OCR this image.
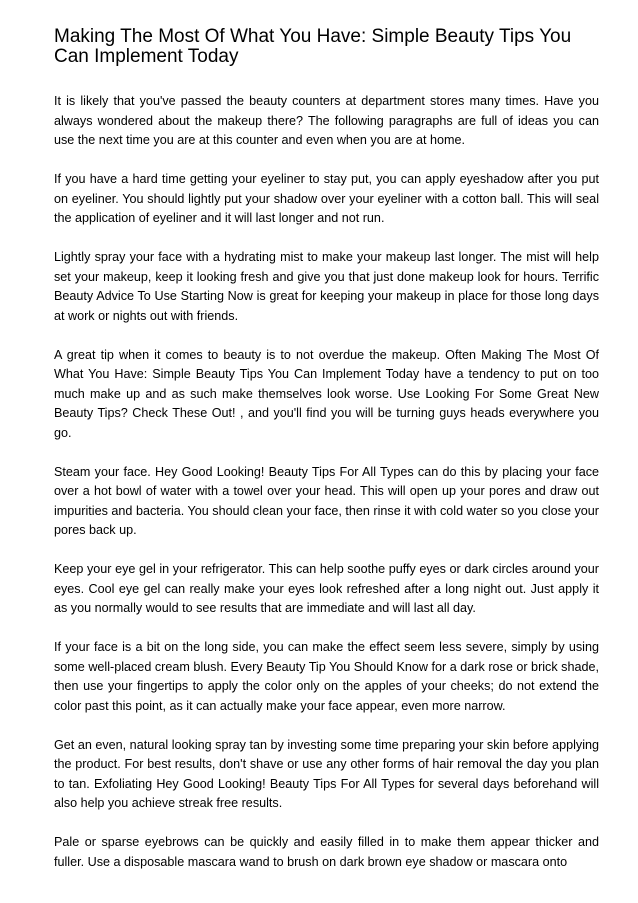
Making The Most Of What You Have: Simple Beauty Tips You Can Implement Today

It is likely that you've passed the beauty counters at department stores many times. Have you always wondered about the makeup there? The following paragraphs are full of ideas you can use the next time you are at this counter and even when you are at home.

If you have a hard time getting your eyeliner to stay put, you can apply eyeshadow after you put on eyeliner. You should lightly put your shadow over your eyeliner with a cotton ball. This will seal the application of eyeliner and it will last longer and not run.

Lightly spray your face with a hydrating mist to make your makeup last longer. The mist will help set your makeup, keep it looking fresh and give you that just done makeup look for hours. Terrific Beauty Advice To Use Starting Now is great for keeping your makeup in place for those long days at work or nights out with friends.

A great tip when it comes to beauty is to not overdue the makeup. Often Making The Most Of What You Have: Simple Beauty Tips You Can Implement Today have a tendency to put on too much make up and as such make themselves look worse. Use Looking For Some Great New Beauty Tips? Check These Out! , and you'll find you will be turning guys heads everywhere you go.

Steam your face. Hey Good Looking! Beauty Tips For All Types can do this by placing your face over a hot bowl of water with a towel over your head. This will open up your pores and draw out impurities and bacteria. You should clean your face, then rinse it with cold water so you close your pores back up.

Keep your eye gel in your refrigerator. This can help soothe puffy eyes or dark circles around your eyes. Cool eye gel can really make your eyes look refreshed after a long night out. Just apply it as you normally would to see results that are immediate and will last all day.

If your face is a bit on the long side, you can make the effect seem less severe, simply by using some well-placed cream blush. Every Beauty Tip You Should Know for a dark rose or brick shade, then use your fingertips to apply the color only on the apples of your cheeks; do not extend the color past this point, as it can actually make your face appear, even more narrow.

Get an even, natural looking spray tan by investing some time preparing your skin before applying the product. For best results, don't shave or use any other forms of hair removal the day you plan to tan. Exfoliating Hey Good Looking! Beauty Tips For All Types for several days beforehand will also help you achieve streak free results.

Pale or sparse eyebrows can be quickly and easily filled in to make them appear thicker and fuller. Use a disposable mascara wand to brush on dark brown eye shadow or mascara onto
